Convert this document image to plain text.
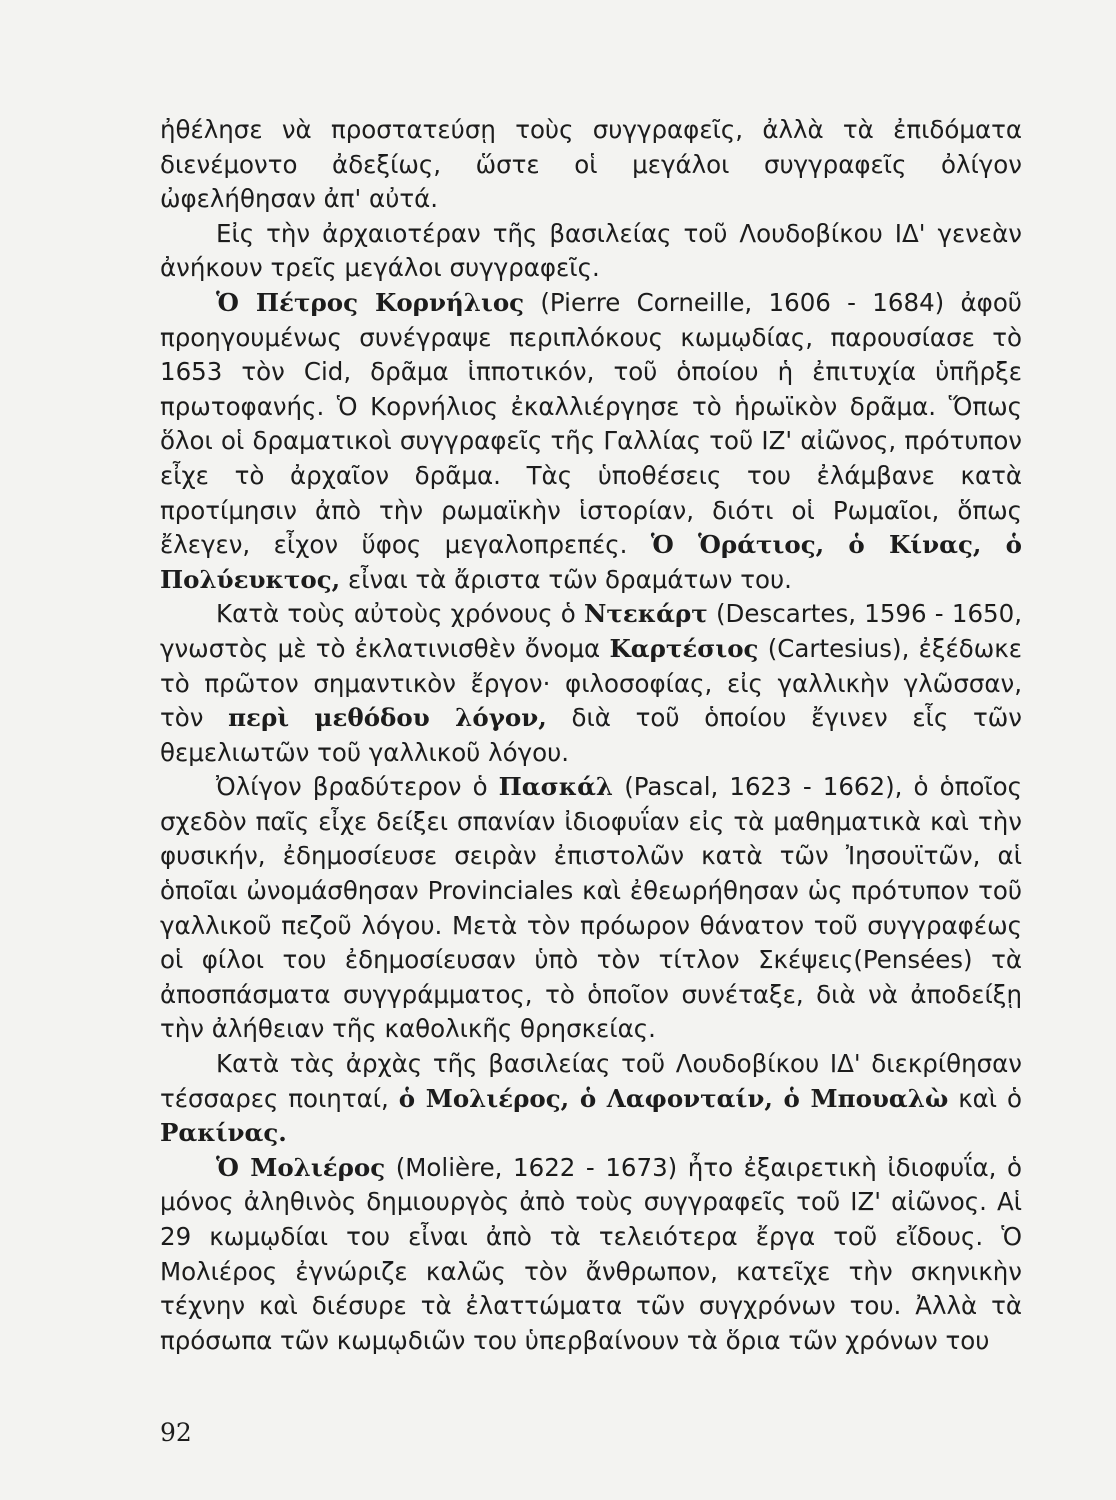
ἠθέλησε νὰ προστατεύσῃ τοὺς συγγραφεῖς, ἀλλὰ τὰ ἐπιδόματα διενέμοντο ἀδεξίως, ὥστε οἱ μεγάλοι συγγραφεῖς ὀλίγον ὠφελήθησαν ἀπ' αὐτά.

Εἰς τὴν ἀρχαιοτέραν τῆς βασιλείας τοῦ Λουδοβίκου ΙΔ' γενεὰν ἀνήκουν τρεῖς μεγάλοι συγγραφεῖς.

Ὁ Πέτρος Κορνήλιος (Pierre Corneille, 1606 - 1684) ἀφοῦ προηγουμένως συνέγραψε περιπλόκους κωμῳδίας, παρουσίασε τὸ 1653 τὸν Cid, δρᾶμα ἱπποτικόν, τοῦ ὁποίου ἡ ἐπιτυχία ὑπῆρξε πρωτοφανής. Ὁ Κορνήλιος ἐκαλλιέργησε τὸ ἡρωϊκὸν δρᾶμα. Ὅπως ὅλοι οἱ δραματικοὶ συγγραφεῖς τῆς Γαλλίας τοῦ ΙΖ' αἰῶνος, πρότυπον εἶχε τὸ ἀρχαῖον δρᾶμα. Τὰς ὑποθέσεις του ἐλάμβανε κατὰ προτίμησιν ἀπὸ τὴν ρωμαϊκὴν ἱστορίαν, διότι οἱ Ρωμαῖοι, ὅπως ἔλεγεν, εἶχον ὕφος μεγαλοπρεπές. Ὁ Ὁράτιος, ὁ Κίνας, ὁ Πολύευκτος, εἶναι τὰ ἄριστα τῶν δραμάτων του.

Κατὰ τοὺς αὐτοὺς χρόνους ὁ Ντεκάρτ (Descartes, 1596 - 1650, γνωστὸς μὲ τὸ ἐκλατινισθὲν ὄνομα Καρτέσιος (Cartesius), ἐξέδωκε τὸ πρῶτον σημαντικὸν ἔργον· φιλοσοφίας, εἰς γαλλικὴν γλῶσσαν, τὸν περὶ μεθόδου λόγον, διὰ τοῦ ὁποίου ἔγινεν εἷς τῶν θεμελιωτῶν τοῦ γαλλικοῦ λόγου.

Ὀλίγον βραδύτερον ὁ Πασκάλ (Pascal, 1623 - 1662), ὁ ὁποῖος σχεδὸν παῖς εἶχε δείξει σπανίαν ἰδιοφυΐαν εἰς τὰ μαθηματικὰ καὶ τὴν φυσικήν, ἐδημοσίευσε σειρὰν ἐπιστολῶν κατὰ τῶν Ἰησουϊτῶν, αἱ ὁποῖαι ὠνομάσθησαν Provinciales καὶ ἐθεωρήθησαν ὡς πρότυπον τοῦ γαλλικοῦ πεζοῦ λόγου. Μετὰ τὸν πρόωρον θάνατον τοῦ συγγραφέως οἱ φίλοι του ἐδημοσίευσαν ὑπὸ τὸν τίτλον Σκέψεις(Pensées) τὰ ἀποσπάσματα συγγράμματος, τὸ ὁποῖον συνέταξε, διὰ νὰ ἀποδείξῃ τὴν ἀλήθειαν τῆς καθολικῆς θρησκείας.

Κατὰ τὰς ἀρχὰς τῆς βασιλείας τοῦ Λουδοβίκου ΙΔ' διεκρίθησαν τέσσαρες ποιηταί, ὁ Μολιέρος, ὁ Λαφονταίν, ὁ Μπουαλὼ καὶ ὁ Ρακίνας.

Ὁ Μολιέρος (Molière, 1622 - 1673) ἦτο ἐξαιρετικὴ ἰδιοφυΐα, ὁ μόνος ἀληθινὸς δημιουργὸς ἀπὸ τοὺς συγγραφεῖς τοῦ ΙΖ' αἰῶνος. Αἱ 29 κωμῳδίαι του εἶναι ἀπὸ τὰ τελειότερα ἔργα τοῦ εἴδους. Ὁ Μολιέρος ἐγνώριζε καλῶς τὸν ἄνθρωπον, κατεῖχε τὴν σκηνικὴν τέχνην καὶ διέσυρε τὰ ἐλαττώματα τῶν συγχρόνων του. Ἀλλὰ τὰ πρόσωπα τῶν κωμῳδιῶν του ὑπερβαίνουν τὰ ὅρια τῶν χρόνων του

92
